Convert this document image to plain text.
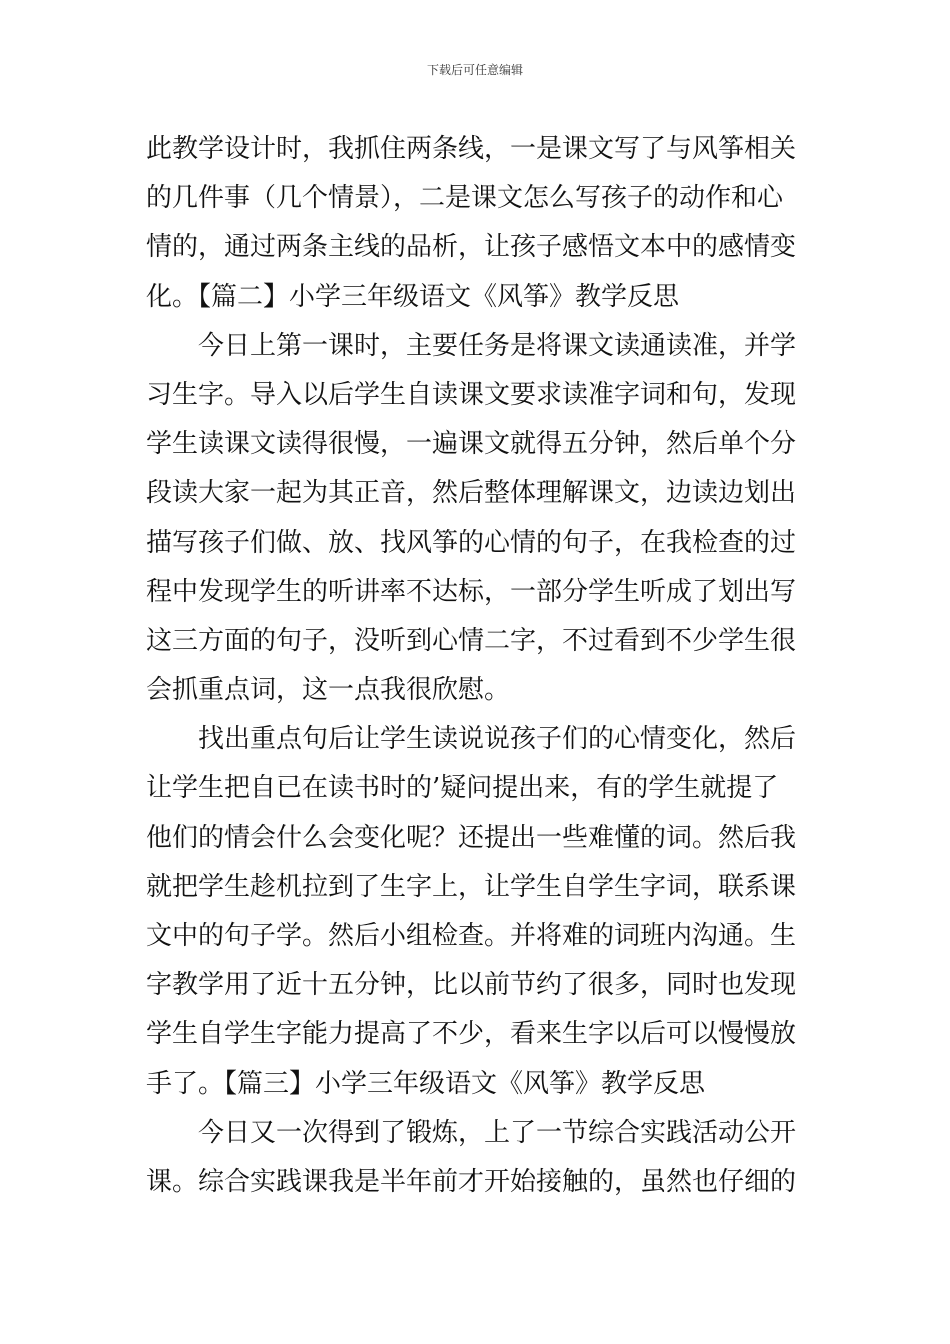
下载后可任意编辑
此教学设计时，我抓住两条线，一是课文写了与风筝相关
的几件事（几个情景），二是课文怎么写孩子的动作和心
情的，通过两条主线的品析，让孩子感悟文本中的感情变
化。【篇二】小学三年级语文《风筝》教学反思
今日上第一课时，主要任务是将课文读通读准，并学
习生字。导入以后学生自读课文要求读准字词和句，发现
学生读课文读得很慢，一遍课文就得五分钟，然后单个分
段读大家一起为其正音，然后整体理解课文，边读边划出
描写孩子们做、放、找风筝的心情的句子，在我检查的过
程中发现学生的听讲率不达标，一部分学生听成了划出写
这三方面的句子，没听到心情二字，不过看到不少学生很
会抓重点词，这一点我很欣慰。
找出重点句后让学生读说说孩子们的心情变化，然后
让学生把自已在读书时的’疑问提出来，有的学生就提了
他们的情会什么会变化呢？还提出一些难懂的词。然后我
就把学生趁机拉到了生字上，让学生自学生字词，联系课
文中的句子学。然后小组检查。并将难的词班内沟通。生
字教学用了近十五分钟，比以前节约了很多，同时也发现
学生自学生字能力提高了不少，看来生字以后可以慢慢放
手了。【篇三】小学三年级语文《风筝》教学反思
今日又一次得到了锻炼，上了一节综合实践活动公开
课。综合实践课我是半年前才开始接触的，虽然也仔细的
